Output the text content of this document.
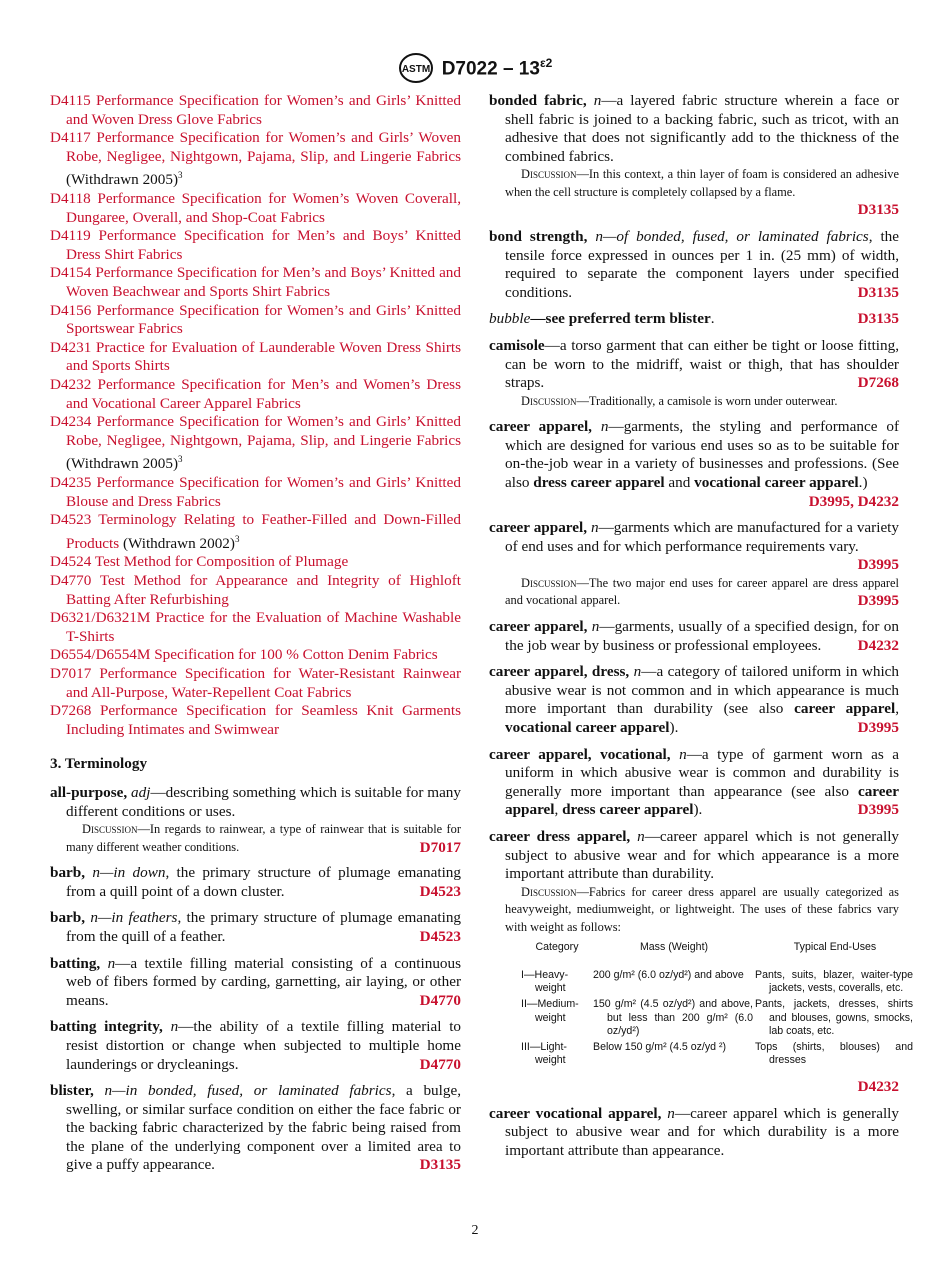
ASTM $D7022 - 13^{\varepsilon 2}$
D4115 Performance Specification for Women’s and Girls’ Knitted and Woven Dress Glove Fabrics
D4117 Performance Specification for Women’s and Girls’ Woven Robe, Negligee, Nightgown, Pajama, Slip, and Lingerie Fabrics (Withdrawn 2005)$^3$
D4118 Performance Specification for Women’s Woven Coverall, Dungaree, Overall, and Shop-Coat Fabrics
D4119 Performance Specification for Men’s and Boys’ Knitted Dress Shirt Fabrics
D4154 Performance Specification for Men’s and Boys’ Knitted and Woven Beachwear and Sports Shirt Fabrics
D4156 Performance Specification for Women’s and Girls’ Knitted Sportswear Fabrics
D4231 Practice for Evaluation of Launderable Woven Dress Shirts and Sports Shirts
D4232 Performance Specification for Men’s and Women’s Dress and Vocational Career Apparel Fabrics
D4234 Performance Specification for Women’s and Girls’ Knitted Robe, Negligee, Nightgown, Pajama, Slip, and Lingerie Fabrics (Withdrawn 2005)$^3$
D4235 Performance Specification for Women’s and Girls’ Knitted Blouse and Dress Fabrics
D4523 Terminology Relating to Feather-Filled and Down-Filled Products (Withdrawn 2002)$^3$
D4524 Test Method for Composition of Plumage
D4770 Test Method for Appearance and Integrity of Highloft Batting After Refurbishing
D6321/D6321M Practice for the Evaluation of Machine Washable T-Shirts
D6554/D6554M Specification for 100 % Cotton Denim Fabrics
D7017 Performance Specification for Water-Resistant Rainwear and All-Purpose, Water-Repellent Coat Fabrics
D7268 Performance Specification for Seamless Knit Garments Including Intimates and Swimwear
3. Terminology
all-purpose, adj—describing something which is suitable for many different conditions or uses.
Discussion—In regards to rainwear, a type of rainwear that is suitable for many different weather conditions.	D7017
barb, n—in down, the primary structure of plumage emanating from a quill point of a down cluster.	D4523
barb, n—in feathers, the primary structure of plumage emanating from the quill of a feather.	D4523
batting, n—a textile filling material consisting of a continuous web of fibers formed by carding, garnetting, air laying, or other means.	D4770
batting integrity, n—the ability of a textile filling material to resist distortion or change when subjected to multiple home launderings or drycleanings.	D4770
blister, n—in bonded, fused, or laminated fabrics, a bulge, swelling, or similar surface condition on either the face fabric or the backing fabric characterized by the fabric being raised from the plane of the underlying component over a limited area to give a puffy appearance.	D3135
bonded fabric, n—a layered fabric structure wherein a face or shell fabric is joined to a backing fabric, such as tricot, with an adhesive that does not significantly add to the thickness of the combined fabrics.
Discussion—In this context, a thin layer of foam is considered an adhesive when the cell structure is completely collapsed by a flame.
D3135
bond strength, n—of bonded, fused, or laminated fabrics, the tensile force expressed in ounces per 1 in. (25 mm) of width, required to separate the component layers under specified conditions.	D3135
bubble—see preferred term blister.	D3135
camisole—a torso garment that can either be tight or loose fitting, can be worn to the midriff, waist or thigh, that has shoulder straps.	D7268
Discussion—Traditionally, a camisole is worn under outerwear.
career apparel, n—garments, the styling and performance of which are designed for various end uses so as to be suitable for on-the-job wear in a variety of businesses and professions. (See also dress career apparel and vocational career apparel.)
D3995, D4232
career apparel, n—garments which are manufactured for a variety of end uses and for which performance requirements vary.
D3995
Discussion—The two major end uses for career apparel are dress apparel and vocational apparel.	D3995
career apparel, n—garments, usually of a specified design, for on the job wear by business or professional employees. D4232
career apparel, dress, n—a category of tailored uniform in which abusive wear is not common and in which appearance is much more important than durability (see also career apparel, vocational career apparel).	D3995
career apparel, vocational, n—a type of garment worn as a uniform in which abusive wear is common and durability is generally more important than appearance (see also career apparel, dress career apparel).	D3995
career dress apparel, n—career apparel which is not generally subject to abusive wear and for which appearance is a more important attribute than durability.
Discussion—Fabrics for career dress apparel are usually categorized as heavyweight, mediumweight, or lightweight. The uses of these fabrics vary with weight as follows:
Category	Mass (Weight)	Typical End-Uses

I—Heavy-weight	200 g/m² (6.0 oz/yd²) and above	Pants, suits, blazer, waiter-type jackets, vests, coveralls, etc.

II—Medium-weight	150 g/m² (4.5 oz/yd²) and above, but less than 200 g/m² (6.0 oz/yd²)	Pants, jackets, dresses, shirts and blouses, gowns, smocks, lab coats, etc.

III—Light-weight	Below 150 g/m² (4.5 oz/yd ²)	Tops (shirts, blouses) and dresses
D4232
career vocational apparel, n—career apparel which is generally subject to abusive wear and for which durability is a more important attribute than appearance.
2
